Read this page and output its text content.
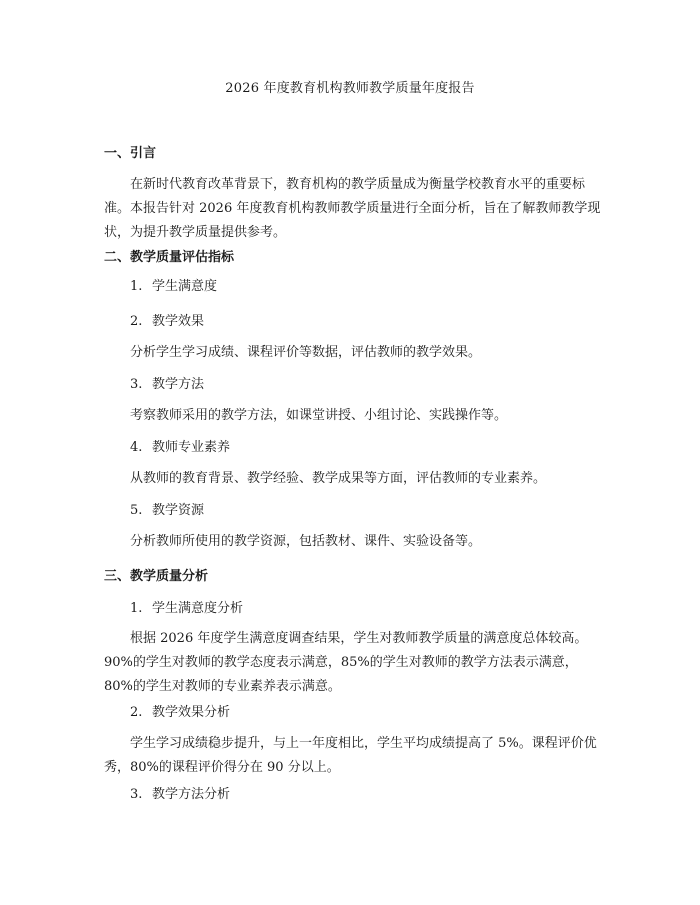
2026 年度教育机构教师教学质量年度报告
一、引言

在新时代教育改革背景下，教育机构的教学质量成为衡量学校教育水平的重要标准。本报告针对 2026 年度教育机构教师教学质量进行全面分析，旨在了解教师教学现状，为提升教学质量提供参考。

二、教学质量评估指标
1. 学生满意度
2. 教学效果
分析学生学习成绩、课程评价等数据，评估教师的教学效果。
3. 教学方法
考察教师采用的教学方法，如课堂讲授、小组讨论、实践操作等。
4. 教师专业素养
从教师的教育背景、教学经验、教学成果等方面，评估教师的专业素养。
5. 教学资源
分析教师所使用的教学资源，包括教材、课件、实验设备等。
三、教学质量分析
1. 学生满意度分析

根据 2026 年度学生满意度调查结果，学生对教师教学质量的满意度总体较高。90%的学生对教师的教学态度表示满意，85%的学生对教师的教学方法表示满意，80%的学生对教师的专业素养表示满意。

2. 教学效果分析

学生学习成绩稳步提升，与上一年度相比，学生平均成绩提高了 5%。课程评价优秀，80%的课程评价得分在 90 分以上。

3. 教学方法分析
